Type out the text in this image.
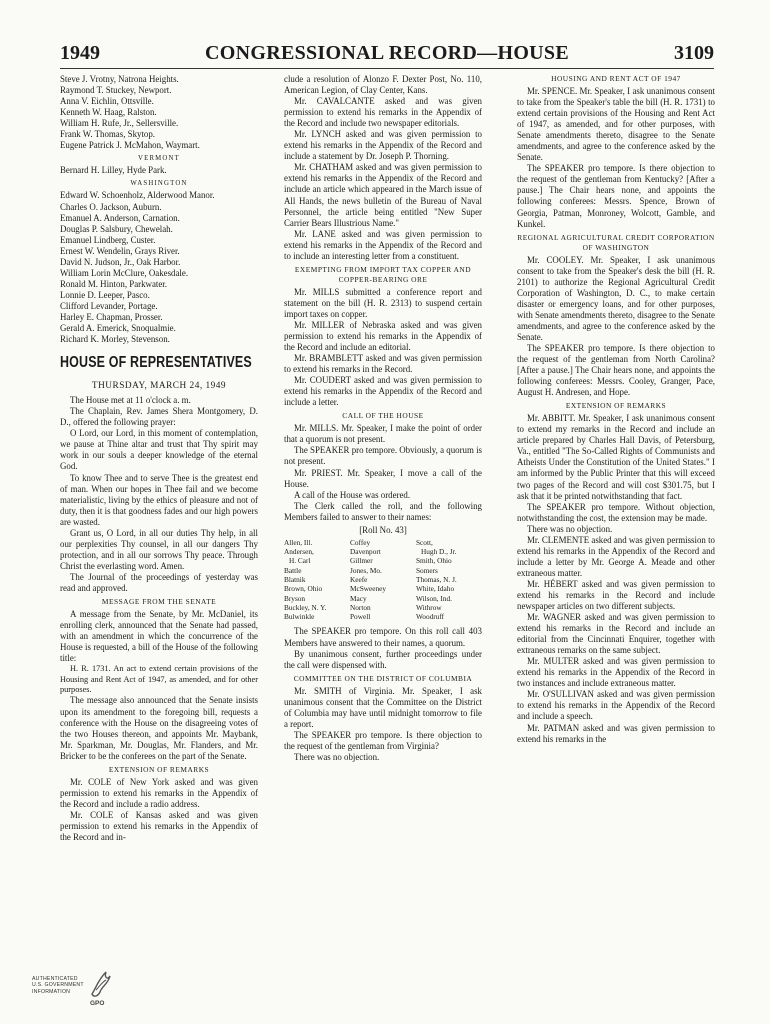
1949	CONGRESSIONAL RECORD—HOUSE	3109
Steve J. Vrotny, Natrona Heights.
Raymond T. Stuckey, Newport.
Anna V. Eichlin, Ottsville.
Kenneth W. Haag, Ralston.
William H. Rufe, Jr., Sellersville.
Frank W. Thomas, Skytop.
Eugene Patrick J. McMahon, Waymart.
VERMONT
Bernard H. Lilley, Hyde Park.
WASHINGTON
Edward W. Schoenholz, Alderwood Manor.
Charles O. Jackson, Auburn.
Emanuel A. Anderson, Carnation.
Douglas P. Salsbury, Chewelah.
Emanuel Lindberg, Custer.
Ernest W. Wendelin, Grays River.
David N. Judson, Jr., Oak Harbor.
William Lorin McClure, Oakesdale.
Ronald M. Hinton, Parkwater.
Lonnie D. Leeper, Pasco.
Clifford Levander, Portage.
Harley E. Chapman, Prosser.
Gerald A. Emerick, Snoqualmie.
Richard K. Morley, Stevenson.
HOUSE OF REPRESENTATIVES
THURSDAY, MARCH 24, 1949

The House met at 11 o'clock a. m.

The Chaplain, Rev. James Shera Montgomery, D. D., offered the following prayer:

O Lord, our Lord, in this moment of contemplation, we pause at Thine altar and trust that Thy spirit may work in our souls a deeper knowledge of the eternal God.

To know Thee and to serve Thee is the greatest end of man. When our hopes in Thee fail and we become materialistic, living by the ethics of pleasure and not of duty, then it is that goodness fades and our high powers are wasted.

Grant us, O Lord, in all our duties Thy help, in all our perplexities Thy counsel, in all our dangers Thy protection, and in all our sorrows Thy peace. Through Christ the everlasting word. Amen.

The Journal of the proceedings of yesterday was read and approved.

MESSAGE FROM THE SENATE

A message from the Senate, by Mr. McDaniel, its enrolling clerk, announced that the Senate had passed, with an amendment in which the concurrence of the House is requested, a bill of the House of the following title:

H. R. 1731. An act to extend certain provisions of the Housing and Rent Act of 1947, as amended, and for other purposes.

The message also announced that the Senate insists upon its amendment to the foregoing bill, requests a conference with the House on the disagreeing votes of the two Houses thereon, and appoints Mr. Maybank, Mr. Sparkman, Mr. Douglas, Mr. Flanders, and Mr. Bricker to be the conferees on the part of the Senate.

EXTENSION OF REMARKS

Mr. COLE of New York asked and was given permission to extend his remarks in the Appendix of the Record and include a radio address.

Mr. COLE of Kansas asked and was given permission to extend his remarks in the Appendix of the Record and in-

clude a resolution of Alonzo F. Dexter Post, No. 110, American Legion, of Clay Center, Kans.

Mr. CAVALCANTE asked and was given permission to extend his remarks in the Appendix of the Record and include two newspaper editorials.

Mr. LYNCH asked and was given permission to extend his remarks in the Appendix of the Record and include a statement by Dr. Joseph P. Thorning.

Mr. CHATHAM asked and was given permission to extend his remarks in the Appendix of the Record and include an article which appeared in the March issue of All Hands, the news bulletin of the Bureau of Naval Personnel, the article being entitled "New Super Carrier Bears Illustrious Name."

Mr. LANE asked and was given permission to extend his remarks in the Appendix of the Record and to include an interesting letter from a constituent.

EXEMPTING FROM IMPORT TAX COPPER AND COPPER-BEARING ORE

Mr. MILLS submitted a conference report and statement on the bill (H. R. 2313) to suspend certain import taxes on copper.

Mr. MILLER of Nebraska asked and was given permission to extend his remarks in the Appendix of the Record and include an editorial.

Mr. BRAMBLETT asked and was given permission to extend his remarks in the Record.

Mr. COUDERT asked and was given permission to extend his remarks in the Appendix of the Record and include a letter.

CALL OF THE HOUSE

Mr. MILLS. Mr. Speaker, I make the point of order that a quorum is not present.

The SPEAKER pro tempore. Obviously, a quorum is not present.

Mr. PRIEST. Mr. Speaker, I move a call of the House.

A call of the House was ordered.

The Clerk called the roll, and the following Members failed to answer to their names:

[Roll No. 43]
Allen, Ill.
Andersen,
H. Carl
Battle
Blatnik
Brown, Ohio
Bryson
Buckley, N. Y.
Bulwinkle
Coffey
Davenport
Gillmer
Jones, Mo.
Keefe
McSweeney
Macy
Norton
Powell
Scott,
Hugh D., Jr.
Smith, Ohio
Somers
Thomas, N. J.
White, Idaho
Wilson, Ind.
Withrow
Woodruff

The SPEAKER pro tempore. On this roll call 403 Members have answered to their names, a quorum.

By unanimous consent, further proceedings under the call were dispensed with.

COMMITTEE ON THE DISTRICT OF COLUMBIA

Mr. SMITH of Virginia. Mr. Speaker, I ask unanimous consent that the Committee on the District of Columbia may have until midnight tomorrow to file a report.

The SPEAKER pro tempore. Is there objection to the request of the gentleman from Virginia?

There was no objection.

HOUSING AND RENT ACT OF 1947

Mr. SPENCE. Mr. Speaker, I ask unanimous consent to take from the Speaker's table the bill (H. R. 1731) to extend certain provisions of the Housing and Rent Act of 1947, as amended, and for other purposes, with Senate amendments thereto, disagree to the Senate amendments, and agree to the conference asked by the Senate.

The SPEAKER pro tempore. Is there objection to the request of the gentleman from Kentucky? [After a pause.] The Chair hears none, and appoints the following conferees: Messrs. Spence, Brown of Georgia, Patman, Monroney, Wolcott, Gamble, and Kunkel.

REGIONAL AGRICULTURAL CREDIT CORPORATION OF WASHINGTON

Mr. COOLEY. Mr. Speaker, I ask unanimous consent to take from the Speaker's desk the bill (H. R. 2101) to authorize the Regional Agricultural Credit Corporation of Washington, D. C., to make certain disaster or emergency loans, and for other purposes, with Senate amendments thereto, disagree to the Senate amendments, and agree to the conference asked by the Senate.

The SPEAKER pro tempore. Is there objection to the request of the gentleman from North Carolina? [After a pause.] The Chair hears none, and appoints the following conferees: Messrs. Cooley, Granger, Pace, August H. Andresen, and Hope.

EXTENSION OF REMARKS

Mr. ABBITT. Mr. Speaker, I ask unanimous consent to extend my remarks in the Record and include an article prepared by Charles Hall Davis, of Petersburg, Va., entitled "The So-Called Rights of Communists and Atheists Under the Constitution of the United States." I am informed by the Public Printer that this will exceed two pages of the Record and will cost $301.75, but I ask that it be printed notwithstanding that fact.

The SPEAKER pro tempore. Without objection, notwithstanding the cost, the extension may be made.

There was no objection.

Mr. CLEMENTE asked and was given permission to extend his remarks in the Appendix of the Record and include a letter by Mr. George A. Meade and other extraneous matter.

Mr. HÉBERT asked and was given permission to extend his remarks in the Record and include newspaper articles on two different subjects.

Mr. WAGNER asked and was given permission to extend his remarks in the Record and include an editorial from the Cincinnati Enquirer, together with extraneous remarks on the same subject.

Mr. MULTER asked and was given permission to extend his remarks in the Appendix of the Record in two instances and include extraneous matter.

Mr. O'SULLIVAN asked and was given permission to extend his remarks in the Appendix of the Record and include a speech.

Mr. PATMAN asked and was given permission to extend his remarks in the

AUTHENTICATED
U.S. GOVERNMENT
INFORMATION
GPO
